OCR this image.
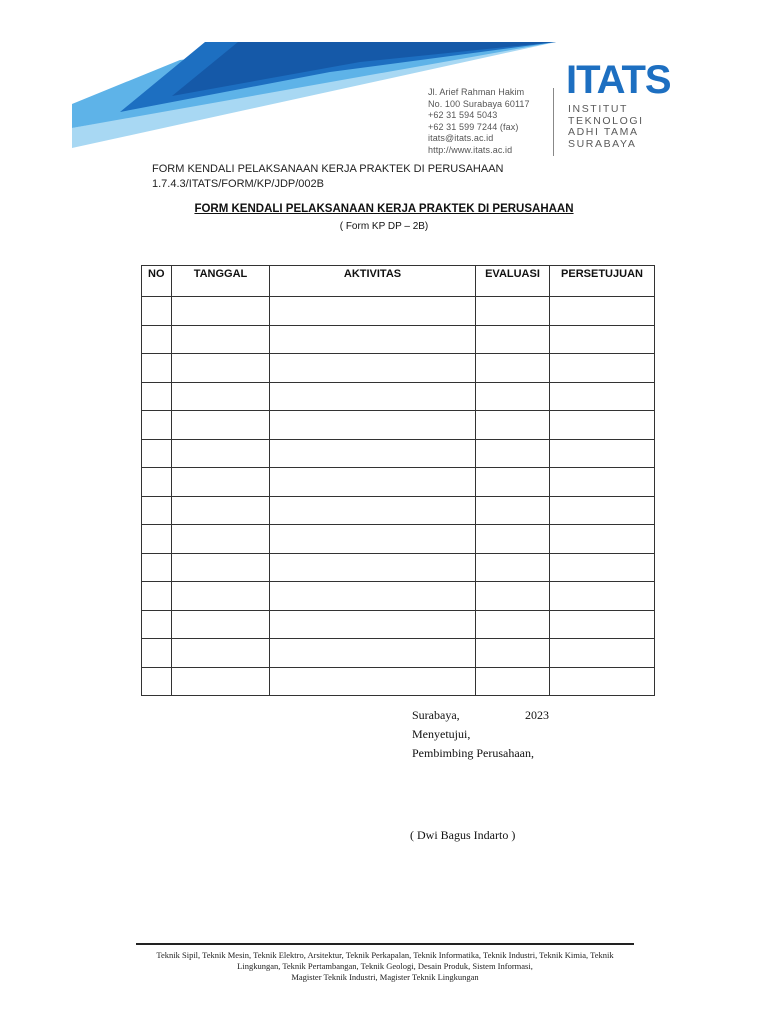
Jl. Arief Rahman Hakim
No. 100 Surabaya 60117
+62 31 594 5043
+62 31 599 7244 (fax)
itats@itats.ac.id
http://www.itats.ac.id
ITATS
INSTITUT
TEKNOLOGI
ADHI TAMA
SURABAYA
FORM KENDALI PELAKSANAAN KERJA PRAKTEK DI PERUSAHAAN
1.7.4.3/ITATS/FORM/KP/JDP/002B
FORM KENDALI PELAKSANAAN KERJA PRAKTEK DI PERUSAHAAN
( Form KP DP – 2B)
NO	TANGGAL	AKTIVITAS	EVALUASI	PERSETUJUAN

Surabaya,	2023
Menyetujui,
Pembimbing Perusahaan,
( Dwi Bagus Indarto )
Teknik Sipil, Teknik Mesin, Teknik Elektro, Arsitektur, Teknik Perkapalan, Teknik Informatika, Teknik Industri, Teknik Kimia, Teknik
Lingkungan, Teknik Pertambangan, Teknik Geologi, Desain Produk, Sistem Informasi,
Magister Teknik Industri, Magister Teknik Lingkungan
